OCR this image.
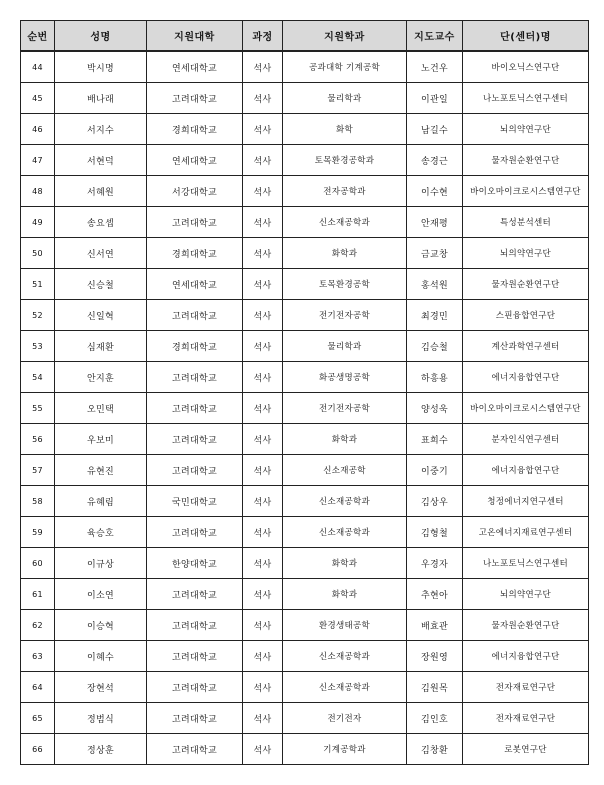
순번	성명	지원대학	과정	지원학과	지도교수	단(센터)명
44	박시명	연세대학교	석사	공과대학 기계공학	노건우	바이오닉스연구단
45	배나래	고려대학교	석사	물리학과	이관일	나노포토닉스연구센터
46	서지수	경희대학교	석사	화학	남길수	뇌의약연구단
47	서현덕	연세대학교	석사	토목환경공학과	송경근	물자원순환연구단
48	서혜원	서강대학교	석사	전자공학과	이수현	바이오마이크로시스템연구단
49	송요셉	고려대학교	석사	신소재공학과	안재평	특성분석센터
50	신서연	경희대학교	석사	화학과	금교창	뇌의약연구단
51	신승철	연세대학교	석사	토목환경공학	홍석원	물자원순환연구단
52	신일혁	고려대학교	석사	전기전자공학	최경민	스핀융합연구단
53	심재환	경희대학교	석사	물리학과	김승철	계산과학연구센터
54	안지훈	고려대학교	석사	화공생명공학	하흥용	에너지융합연구단
55	오민택	고려대학교	석사	전기전자공학	양성욱	바이오마이크로시스템연구단
56	우보미	고려대학교	석사	화학과	표희수	분자인식연구센터
57	유현진	고려대학교	석사	신소재공학	이중기	에너지융합연구단
58	유혜림	국민대학교	석사	신소재공학과	김상우	청정에너지연구센터
59	육승호	고려대학교	석사	신소재공학과	김형철	고온에너지재료연구센터
60	이규상	한양대학교	석사	화학과	우경자	나노포토닉스연구센터
61	이소연	고려대학교	석사	화학과	추현아	뇌의약연구단
62	이승혁	고려대학교	석사	환경생태공학	배효관	물자원순환연구단
63	이혜수	고려대학교	석사	신소재공학과	장원영	에너지융합연구단
64	장현석	고려대학교	석사	신소재공학과	김원목	전자재료연구단
65	정범식	고려대학교	석사	전기전자	김인호	전자재료연구단
66	정상훈	고려대학교	석사	기계공학과	김창환	로봇연구단
